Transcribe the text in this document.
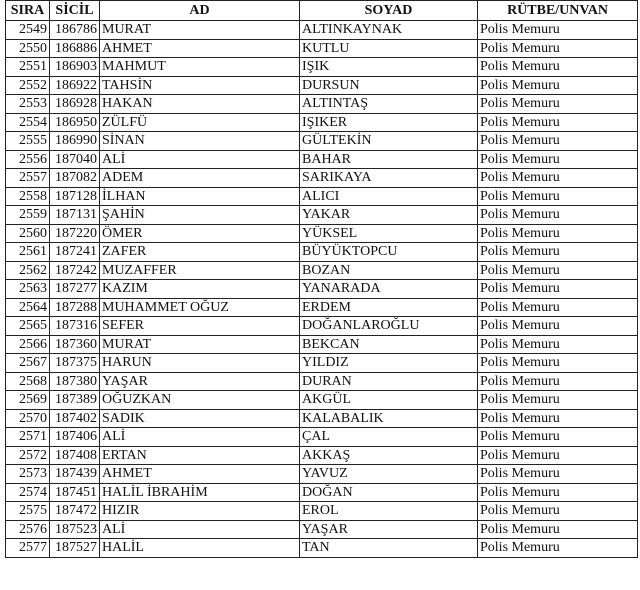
SIRA	SİCİL	AD	SOYAD	RÜTBE/UNVAN
2549	186786	MURAT	ALTINKAYNAK	Polis Memuru
2550	186886	AHMET	KUTLU	Polis Memuru
2551	186903	MAHMUT	IŞIK	Polis Memuru
2552	186922	TAHSİN	DURSUN	Polis Memuru
2553	186928	HAKAN	ALTINTAŞ	Polis Memuru
2554	186950	ZÜLFÜ	IŞIKER	Polis Memuru
2555	186990	SİNAN	GÜLTEKİN	Polis Memuru
2556	187040	ALİ	BAHAR	Polis Memuru
2557	187082	ADEM	SARIKAYA	Polis Memuru
2558	187128	İLHAN	ALICI	Polis Memuru
2559	187131	ŞAHİN	YAKAR	Polis Memuru
2560	187220	ÖMER	YÜKSEL	Polis Memuru
2561	187241	ZAFER	BÜYÜKTOPCU	Polis Memuru
2562	187242	MUZAFFER	BOZAN	Polis Memuru
2563	187277	KAZIM	YANARADA	Polis Memuru
2564	187288	MUHAMMET OĞUZ	ERDEM	Polis Memuru
2565	187316	SEFER	DOĞANLAROĞLU	Polis Memuru
2566	187360	MURAT	BEKCAN	Polis Memuru
2567	187375	HARUN	YILDIZ	Polis Memuru
2568	187380	YAŞAR	DURAN	Polis Memuru
2569	187389	OĞUZKAN	AKGÜL	Polis Memuru
2570	187402	SADIK	KALABALIK	Polis Memuru
2571	187406	ALİ	ÇAL	Polis Memuru
2572	187408	ERTAN	AKKAŞ	Polis Memuru
2573	187439	AHMET	YAVUZ	Polis Memuru
2574	187451	HALİL İBRAHİM	DOĞAN	Polis Memuru
2575	187472	HIZIR	EROL	Polis Memuru
2576	187523	ALİ	YAŞAR	Polis Memuru
2577	187527	HALİL	TAN	Polis Memuru
